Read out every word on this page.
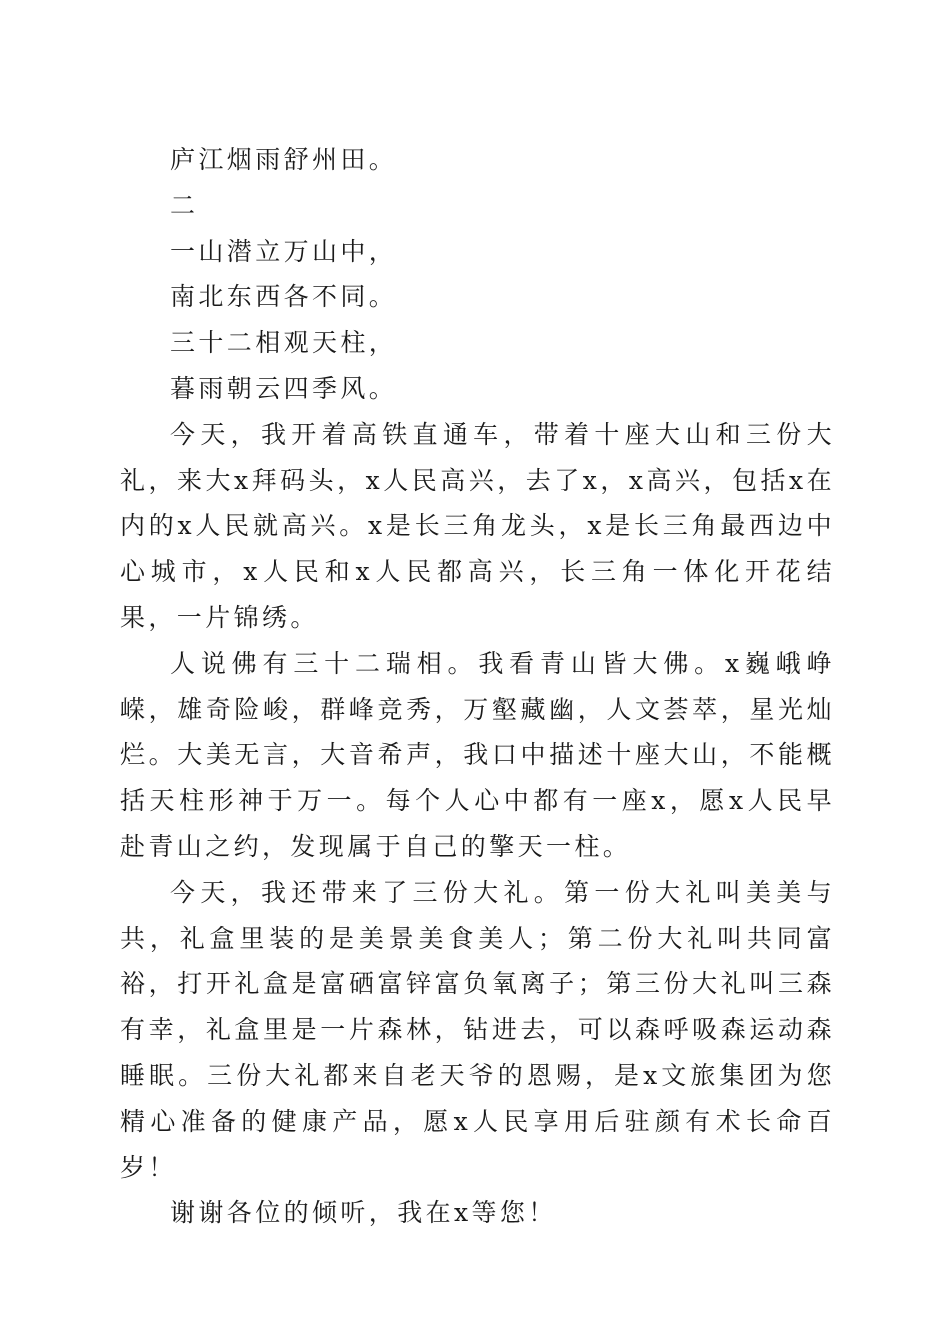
庐江烟雨舒州田。

二

一山潜立万山中，

南北东西各不同。

三十二相观天柱，

暮雨朝云四季风。

今天，我开着高铁直通车，带着十座大山和三份大礼，来大x拜码头，x人民高兴，去了x，x高兴，包括x在内的x人民就高兴。x是长三角龙头，x是长三角最西边中心城市，x人民和x人民都高兴，长三角一体化开花结果，一片锦绣。

人说佛有三十二瑞相。我看青山皆大佛。x巍峨峥嵘，雄奇险峻，群峰竞秀，万壑藏幽，人文荟萃，星光灿烂。大美无言，大音希声，我口中描述十座大山，不能概括天柱形神于万一。每个人心中都有一座x，愿x人民早赴青山之约，发现属于自己的擎天一柱。

今天，我还带来了三份大礼。第一份大礼叫美美与共，礼盒里装的是美景美食美人；第二份大礼叫共同富裕，打开礼盒是富硒富锌富负氧离子；第三份大礼叫三森有幸，礼盒里是一片森林，钻进去，可以森呼吸森运动森睡眠。三份大礼都来自老天爷的恩赐，是x文旅集团为您精心准备的健康产品，愿x人民享用后驻颜有术长命百岁！

谢谢各位的倾听，我在x等您！
